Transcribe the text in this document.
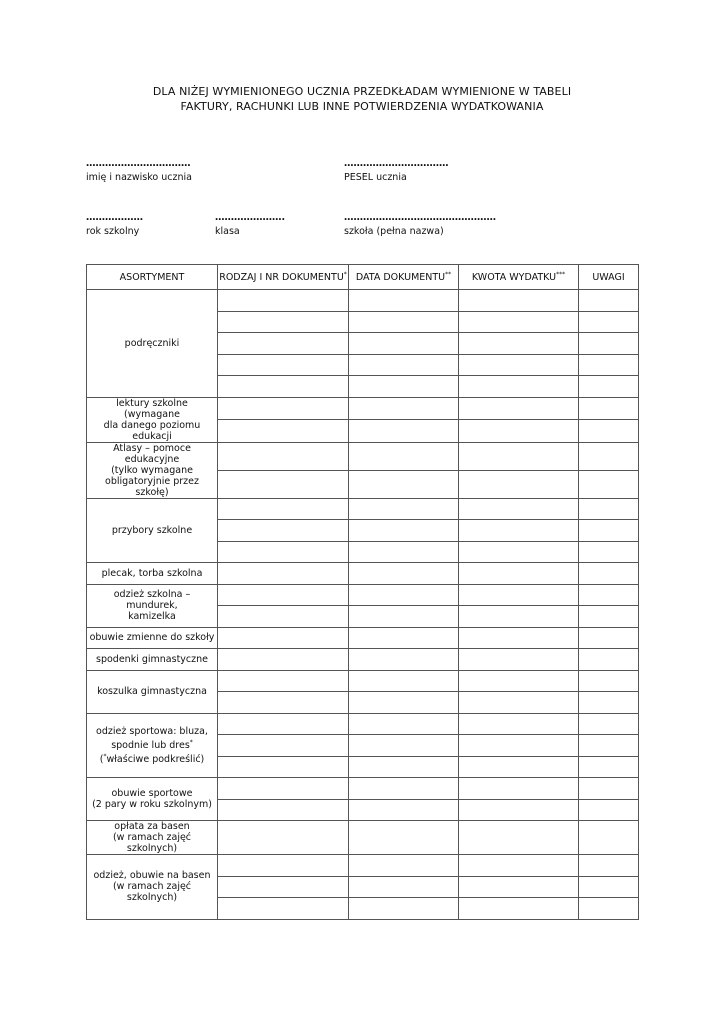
DLA NIŻEJ WYMIENIONEGO UCZNIA PRZEDKŁADAM WYMIENIONE W TABELI
FAKTURY, RACHUNKI LUB INNE POTWIERDZENIA WYDATKOWANIA
……………………………
imię i nazwisko ucznia
……………………………
PESEL ucznia
………………
rok szkolny
………………….
klasa
…………………………………………
szkoła (pełna nazwa)
ASORTYMENT	RODZAJ I NR DOKUMENTU*	DATA DOKUMENTU**	KWOTA WYDATKU***	UWAGI
podręczniki				

lektury szkolne (wymagane
dla danego poziomu
edukacji				

Atlasy – pomoce edukacyjne
(tylko wymagane
obligatoryjnie przez szkołę)				

przybory szkolne				

plecak, torba szkolna				

odzież szkolna – mundurek,
kamizelka				

obuwie zmienne do szkoły				
spodenki gimnastyczne				
koszulka gimnastyczna				

odzież sportowa: bluza,
spodnie lub dres*
(*właściwe podkreślić)				

obuwie sportowe
(2 pary w roku szkolnym)				

opłata za basen
(w ramach zajęć szkolnych)				

odzież, obuwie na basen
(w ramach zajęć szkolnych)				
